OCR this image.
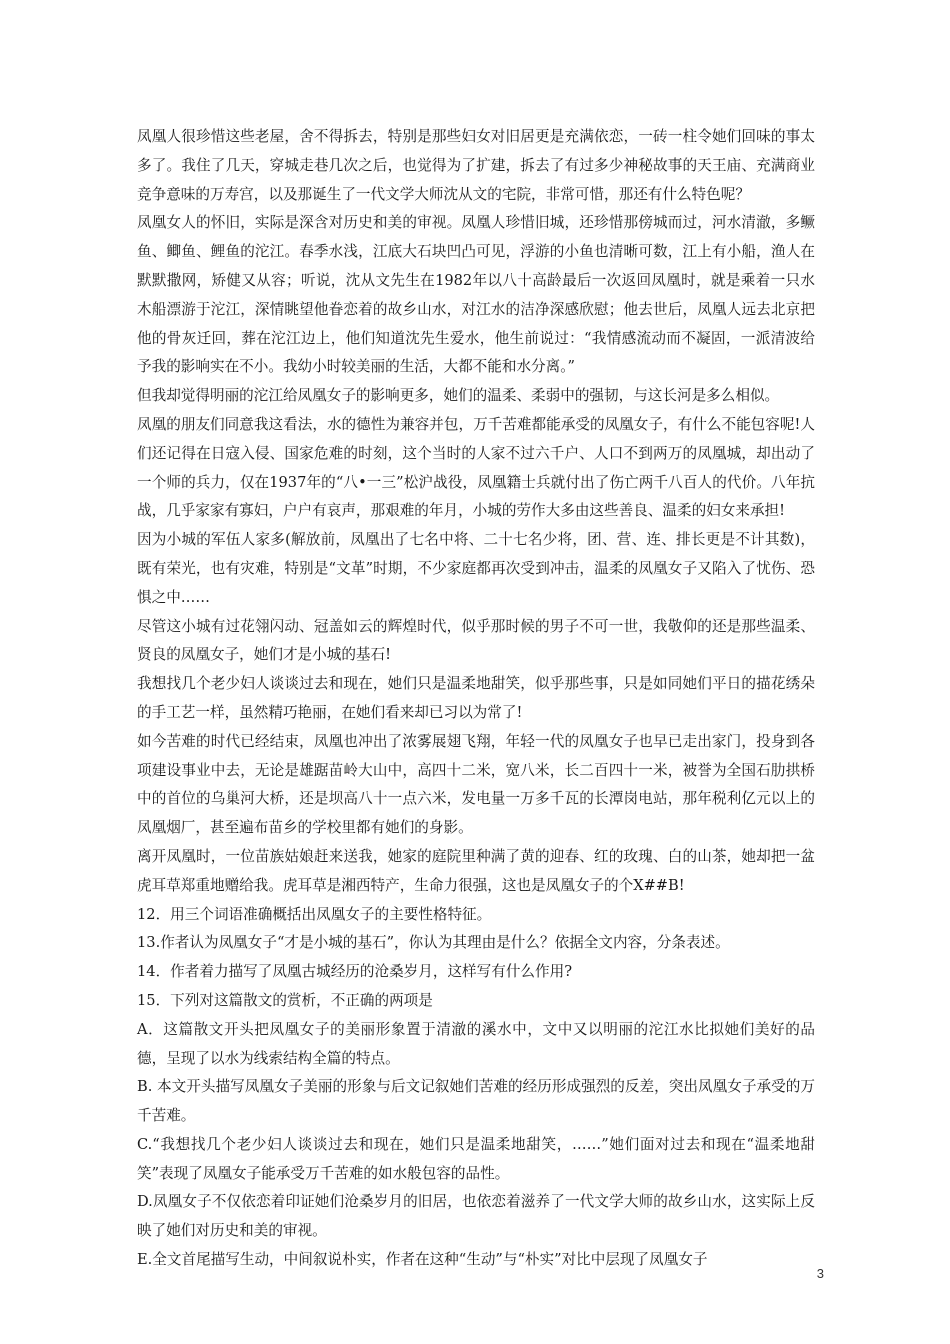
凤凰人很珍惜这些老屋，舍不得拆去，特别是那些妇女对旧居更是充满依恋，一砖一柱令她们回味的事太多了。我住了几天，穿城走巷几次之后，也觉得为了扩建，拆去了有过多少神秘故事的天王庙、充满商业竞争意味的万寿宫，以及那诞生了一代文学大师沈从文的宅院，非常可惜，那还有什么特色呢？

凤凰女人的怀旧，实际是深含对历史和美的审视。凤凰人珍惜旧城，还珍惜那傍城而过，河水清澈，多鳜鱼、鲫鱼、鲤鱼的沱江。春季水浅，江底大石块凹凸可见，浮游的小鱼也清晰可数，江上有小船，渔人在默默撒网，矫健又从容；听说，沈从文先生在1982年以八十高龄最后一次返回凤凰时，就是乘着一只水木船漂游于沱江，深情眺望他眷恋着的故乡山水，对江水的洁净深感欣慰；他去世后，凤凰人远去北京把他的骨灰迁回，葬在沱江边上，他们知道沈先生爱水，他生前说过：“我情感流动而不凝固，一派清波给予我的影响实在不小。我幼小时较美丽的生活，大都不能和水分离。”

但我却觉得明丽的沱江给凤凰女子的影响更多，她们的温柔、柔弱中的强韧，与这长河是多么相似。

凤凰的朋友们同意我这看法，水的德性为兼容并包，万千苦难都能承受的凤凰女子，有什么不能包容呢!人们还记得在日寇入侵、国家危难的时刻，这个当时的人家不过六千户、人口不到两万的凤凰城，却出动了一个师的兵力，仅在1937年的“八•一三”松沪战役，凤凰籍士兵就付出了伤亡两千八百人的代价。八年抗战，几乎家家有寡妇，户户有哀声，那艰难的年月，小城的劳作大多由这些善良、温柔的妇女来承担!

因为小城的军伍人家多(解放前，凤凰出了七名中将、二十七名少将，团、营、连、排长更是不计其数)，既有荣光，也有灾难，特别是“文革”时期，不少家庭都再次受到冲击，温柔的凤凰女子又陷入了忧伤、恐惧之中……

尽管这小城有过花翎闪动、冠盖如云的辉煌时代，似乎那时候的男子不可一世，我敬仰的还是那些温柔、贤良的凤凰女子，她们才是小城的基石!

我想找几个老少妇人谈谈过去和现在，她们只是温柔地甜笑，似乎那些事，只是如同她们平日的描花绣朵的手工艺一样，虽然精巧艳丽，在她们看来却已习以为常了!

如今苦难的时代已经结束，凤凰也冲出了浓雾展翅飞翔，年轻一代的凤凰女子也早已走出家门，投身到各项建设事业中去，无论是雄踞苗岭大山中，高四十二米，宽八米，长二百四十一米，被誉为全国石肋拱桥中的首位的乌巢河大桥，还是坝高八十一点六米，发电量一万多千瓦的长潭岗电站，那年税利亿元以上的凤凰烟厂，甚至遍布苗乡的学校里都有她们的身影。

离开凤凰时，一位苗族姑娘赶来送我，她家的庭院里种满了黄的迎春、红的玫瑰、白的山茶，她却把一盆虎耳草郑重地赠给我。虎耳草是湘西特产，生命力很强，这也是凤凰女子的个X##B!

12．用三个词语准确概括出凤凰女子的主要性格特征。

13.作者认为凤凰女子“才是小城的基石”，你认为其理由是什么？依据全文内容，分条表述。

14．作者着力描写了凤凰古城经历的沧桑岁月，这样写有什么作用?

15．下列对这篇散文的赏析，不正确的两项是

A．这篇散文开头把凤凰女子的美丽形象置于清澈的溪水中，文中又以明丽的沱江水比拟她们美好的品德，呈现了以水为线索结构全篇的特点。

B. 本文开头描写凤凰女子美丽的形象与后文记叙她们苦难的经历形成强烈的反差，突出凤凰女子承受的万千苦难。

C.“我想找几个老少妇人谈谈过去和现在，她们只是温柔地甜笑，……”她们面对过去和现在“温柔地甜笑”表现了凤凰女子能承受万千苦难的如水般包容的品性。

D.凤凰女子不仅依恋着印证她们沧桑岁月的旧居，也依恋着滋养了一代文学大师的故乡山水，这实际上反映了她们对历史和美的审视。

E.全文首尾描写生动，中间叙说朴实，作者在这种“生动”与“朴实”对比中层现了凤凰女子

3
